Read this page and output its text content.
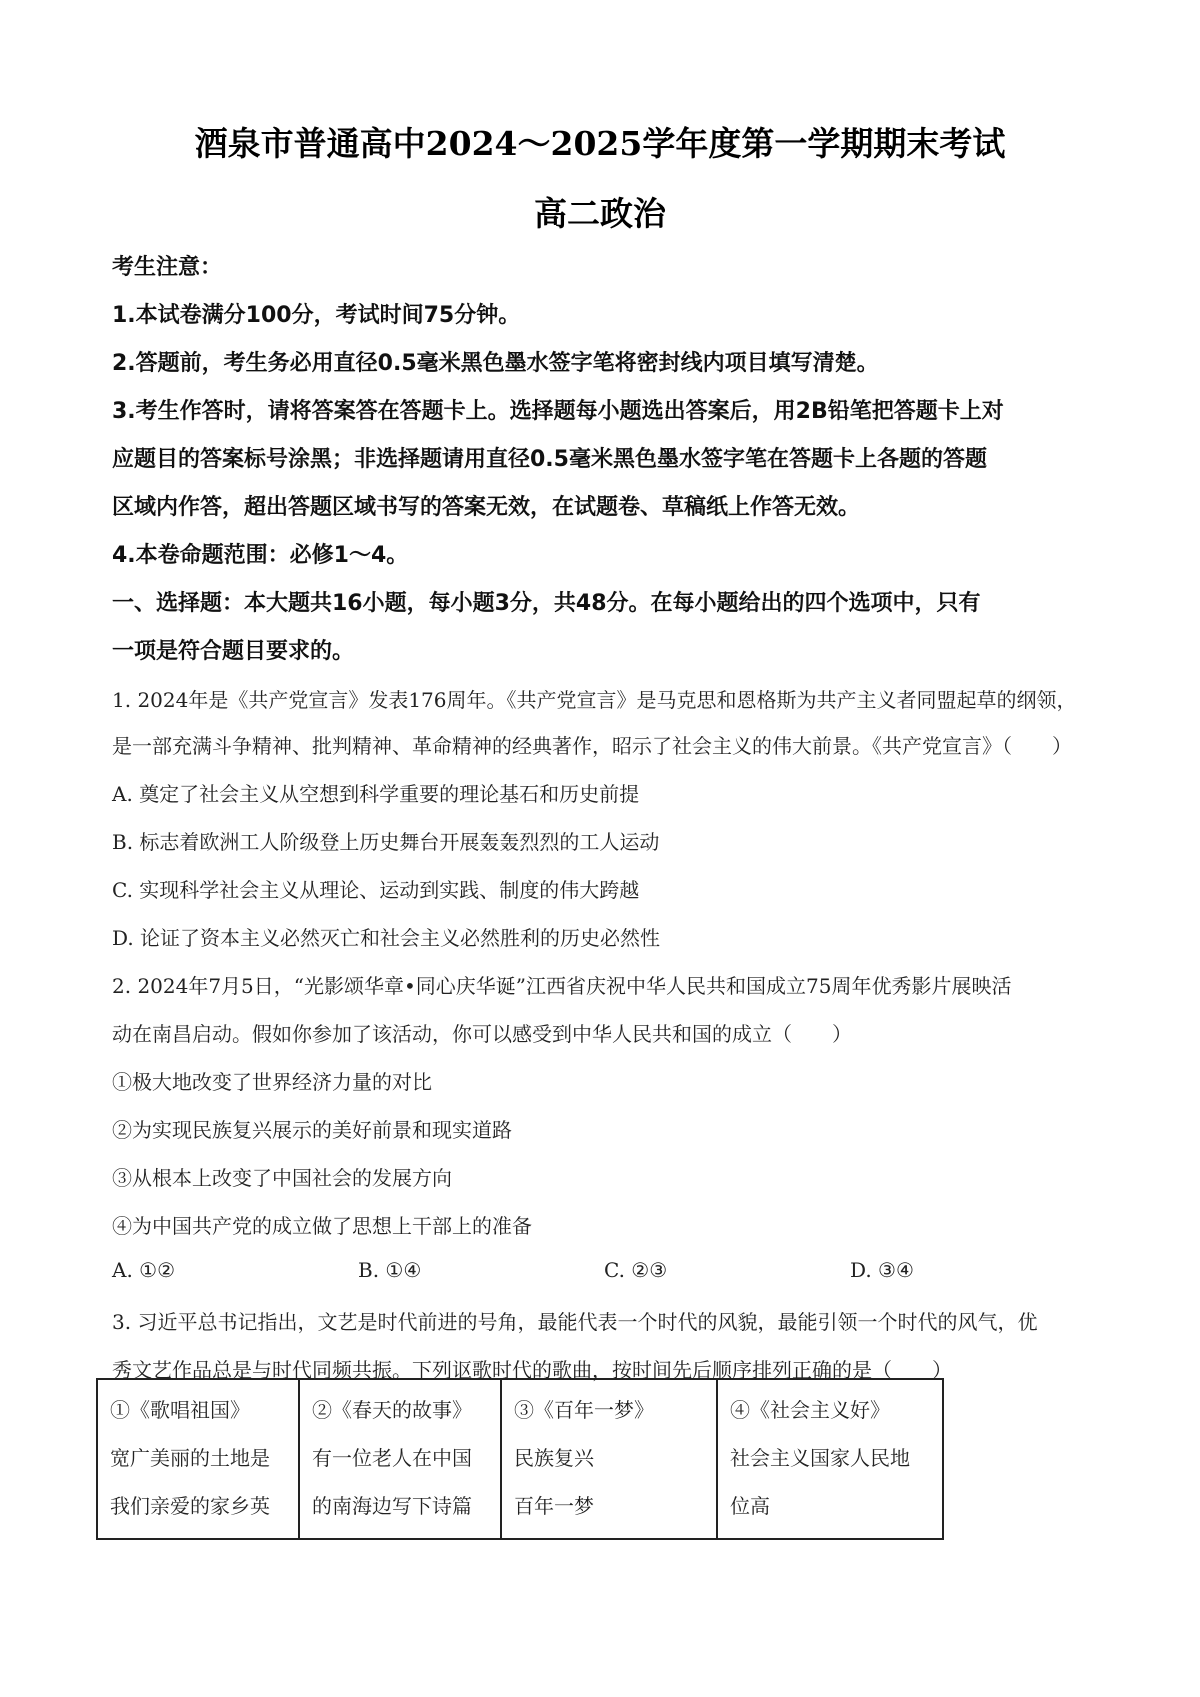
酒泉市普通高中2024～2025学年度第一学期期末考试
高二政治
考生注意：
1.本试卷满分100分，考试时间75分钟。
2.答题前，考生务必用直径0.5毫米黑色墨水签字笔将密封线内项目填写清楚。
3.考生作答时，请将答案答在答题卡上。选择题每小题选出答案后，用2B铅笔把答题卡上对
应题目的答案标号涂黑；非选择题请用直径0.5毫米黑色墨水签字笔在答题卡上各题的答题
区域内作答，超出答题区域书写的答案无效，在试题卷、草稿纸上作答无效。
4.本卷命题范围：必修1～4。
一、选择题：本大题共16小题，每小题3分，共48分。在每小题给出的四个选项中，只有
一项是符合题目要求的。
1. 2024年是《共产党宣言》发表176周年。《共产党宣言》是马克思和恩格斯为共产主义者同盟起草的纲领，
是一部充满斗争精神、批判精神、革命精神的经典著作，昭示了社会主义的伟大前景。《共产党宣言》（　　）
A. 奠定了社会主义从空想到科学重要的理论基石和历史前提
B. 标志着欧洲工人阶级登上历史舞台开展轰轰烈烈的工人运动
C. 实现科学社会主义从理论、运动到实践、制度的伟大跨越
D. 论证了资本主义必然灭亡和社会主义必然胜利的历史必然性
2. 2024年7月5日，“光影颂华章•同心庆华诞”江西省庆祝中华人民共和国成立75周年优秀影片展映活
动在南昌启动。假如你参加了该活动，你可以感受到中华人民共和国的成立（　　）
①极大地改变了世界经济力量的对比
②为实现民族复兴展示的美好前景和现实道路
③从根本上改变了中国社会的发展方向
④为中国共产党的成立做了思想上干部上的准备
A. ①②	B. ①④	C. ②③	D. ③④
3. 习近平总书记指出，文艺是时代前进的号角，最能代表一个时代的风貌，最能引领一个时代的风气，优
秀文艺作品总是与时代同频共振。下列讴歌时代的歌曲，按时间先后顺序排列正确的是（　　）
①《歌唱祖国》
宽广美丽的土地是
我们亲爱的家乡英

②《春天的故事》
有一位老人在中国
的南海边写下诗篇

③《百年一梦》
民族复兴
百年一梦

④《社会主义好》
社会主义国家人民地
位高
